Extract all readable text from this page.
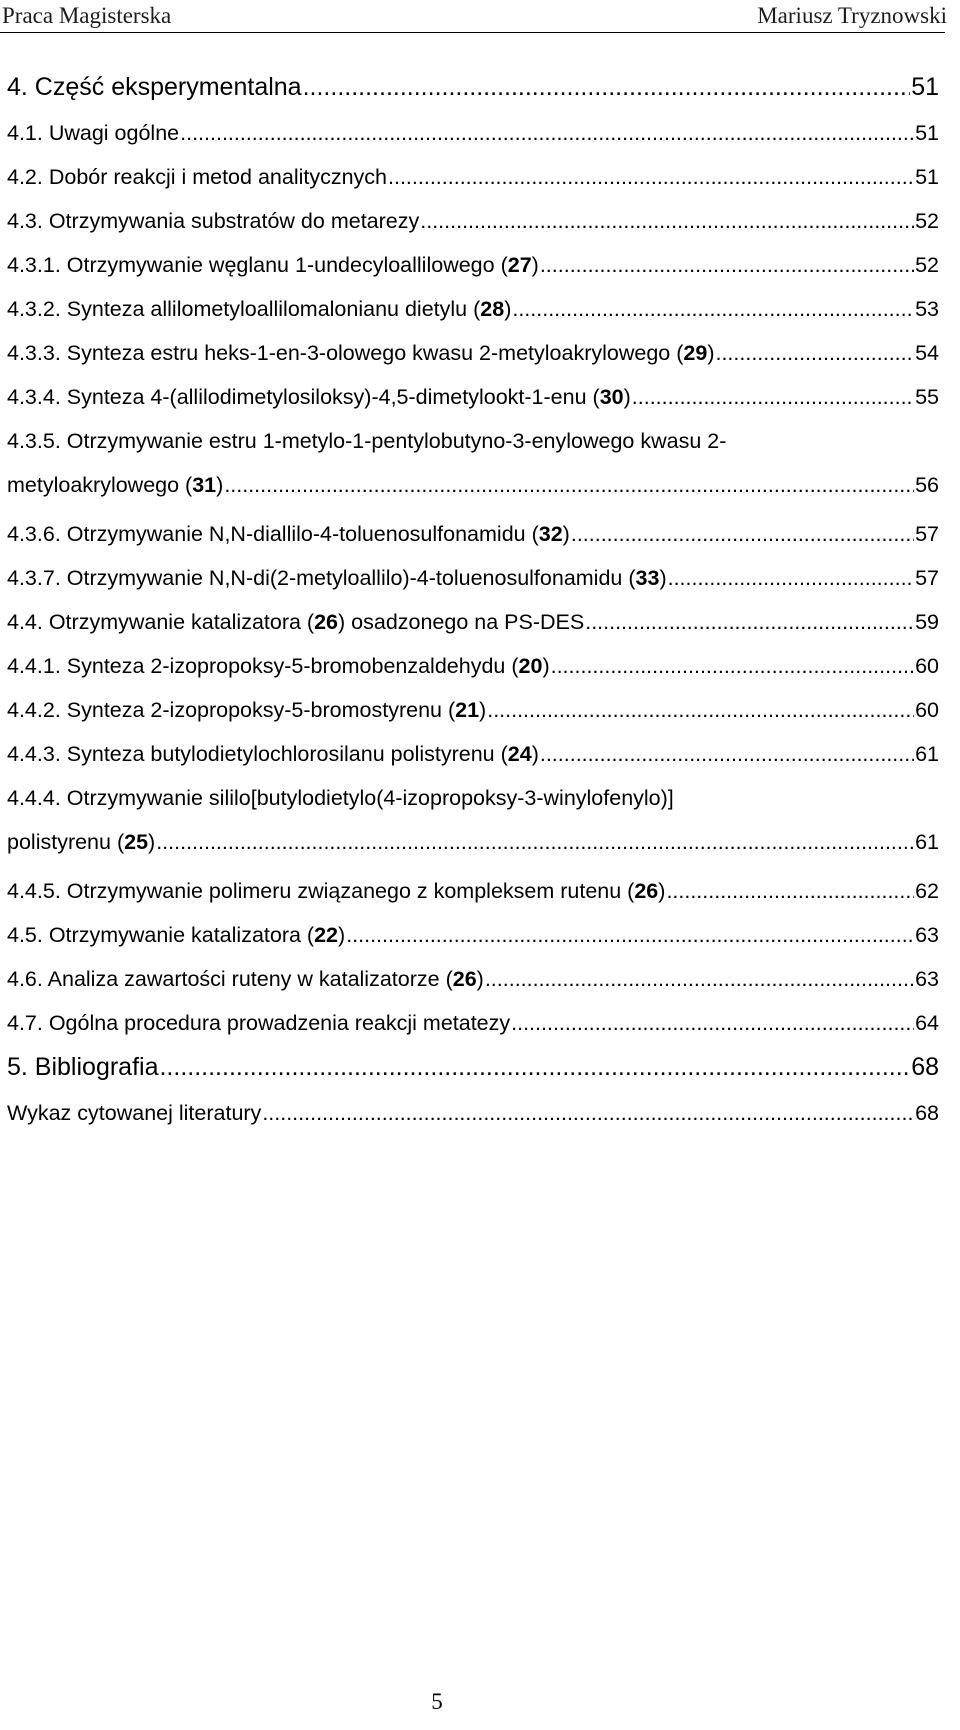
Praca Magisterska	Mariusz Tryznowski
4. Część eksperymentalna .....	51
4.1. Uwagi ogólne .....	51
4.2. Dobór reakcji i metod analitycznych .....	51
4.3. Otrzymywania substratów do metarezy .....	52
4.3.1. Otrzymywanie węglanu 1-undecyloallilowego (27) .....	52
4.3.2. Synteza allilometyloallilomalonianu dietylu (28) .....	53
4.3.3. Synteza estru heks-1-en-3-olowego kwasu 2-metyloakrylowego (29) .....	54
4.3.4. Synteza 4-(allilodimetylosiloksy)-4,5-dimetylookt-1-enu (30) .....	55
4.3.5. Otrzymywanie estru 1-metylo-1-pentylobutyno-3-enylowego kwasu 2-
metyloakrylowego (31) .....	56
4.3.6. Otrzymywanie N,N-diallilo-4-toluenosulfonamidu (32) .....	57
4.3.7. Otrzymywanie N,N-di(2-metyloallilo)-4-toluenosulfonamidu (33) .....	57
4.4. Otrzymywanie katalizatora (26) osadzonego na PS-DES .....	59
4.4.1. Synteza 2-izopropoksy-5-bromobenzaldehydu (20) .....	60
4.4.2. Synteza 2-izopropoksy-5-bromostyrenu (21) .....	60
4.4.3. Synteza butylodietylochlorosilanu polistyrenu (24) .....	61
4.4.4. Otrzymywanie sililo[butylodietylo(4-izopropoksy-3-winylofenylo)]
polistyrenu (25) .....	61
4.4.5. Otrzymywanie polimeru związanego z kompleksem rutenu (26) .....	62
4.5. Otrzymywanie katalizatora (22) .....	63
4.6. Analiza zawartości ruteny w katalizatorze (26) .....	63
4.7. Ogólna procedura prowadzenia reakcji metatezy .....	64
5. Bibliografia .....	68
Wykaz cytowanej literatury .....	68
5
